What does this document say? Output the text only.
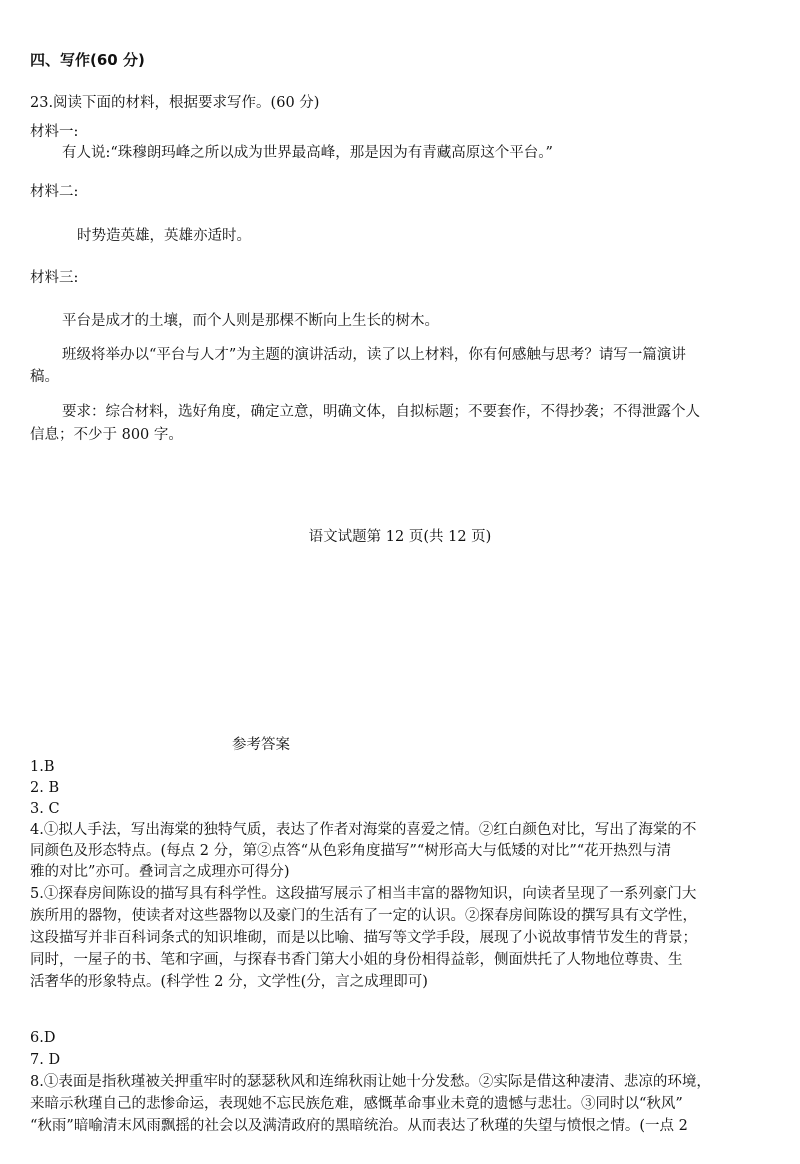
四、写作(60 分)
23.阅读下面的材料，根据要求写作。(60 分)
材料一:
有人说:“珠穆朗玛峰之所以成为世界最高峰，那是因为有青藏高原这个平台。”
材料二:
时势造英雄，英雄亦适时。
材料三:
平台是成才的土壤，而个人则是那棵不断向上生长的树木。
班级将举办以“平台与人才”为主题的演讲活动，读了以上材料，你有何感触与思考？请写一篇演讲
稿。
要求：综合材料，选好角度，确定立意，明确文体，自拟标题；不要套作，不得抄袭；不得泄露个人
信息；不少于 800 字。
语文试题第 12 页(共 12 页)
参考答案
1.B
2. B
3. C
4.①拟人手法，写出海棠的独特气质，表达了作者对海棠的喜爱之情。②红白颜色对比，写出了海棠的不
同颜色及形态特点。(每点 2 分，第②点答“从色彩角度描写”“树形高大与低矮的对比”“花开热烈与清
雅的对比”亦可。叠词言之成理亦可得分)
5.①探春房间陈设的描写具有科学性。这段描写展示了相当丰富的器物知识，向读者呈现了一系列豪门大
族所用的器物，使读者对这些器物以及豪门的生活有了一定的认识。②探春房间陈设的撰写具有文学性，
这段描写并非百科词条式的知识堆砌，而是以比喻、描写等文学手段，展现了小说故事情节发生的背景；
同时，一屋子的书、笔和字画，与探春书香门第大小姐的身份相得益彰，侧面烘托了人物地位尊贵、生
活奢华的形象特点。(科学性 2 分，文学性(分，言之成理即可)
6.D
7. D
8.①表面是指秋瑾被关押重牢时的瑟瑟秋风和连绵秋雨让她十分发愁。②实际是借这种凄清、悲凉的环境，
来暗示秋瑾自己的悲惨命运，表现她不忘民族危难，感慨革命事业未竟的遗憾与悲壮。③同时以“秋风”
“秋雨”暗喻清末风雨飘摇的社会以及满清政府的黑暗统治。从而表达了秋瑾的失望与愤恨之情。(一点 2
